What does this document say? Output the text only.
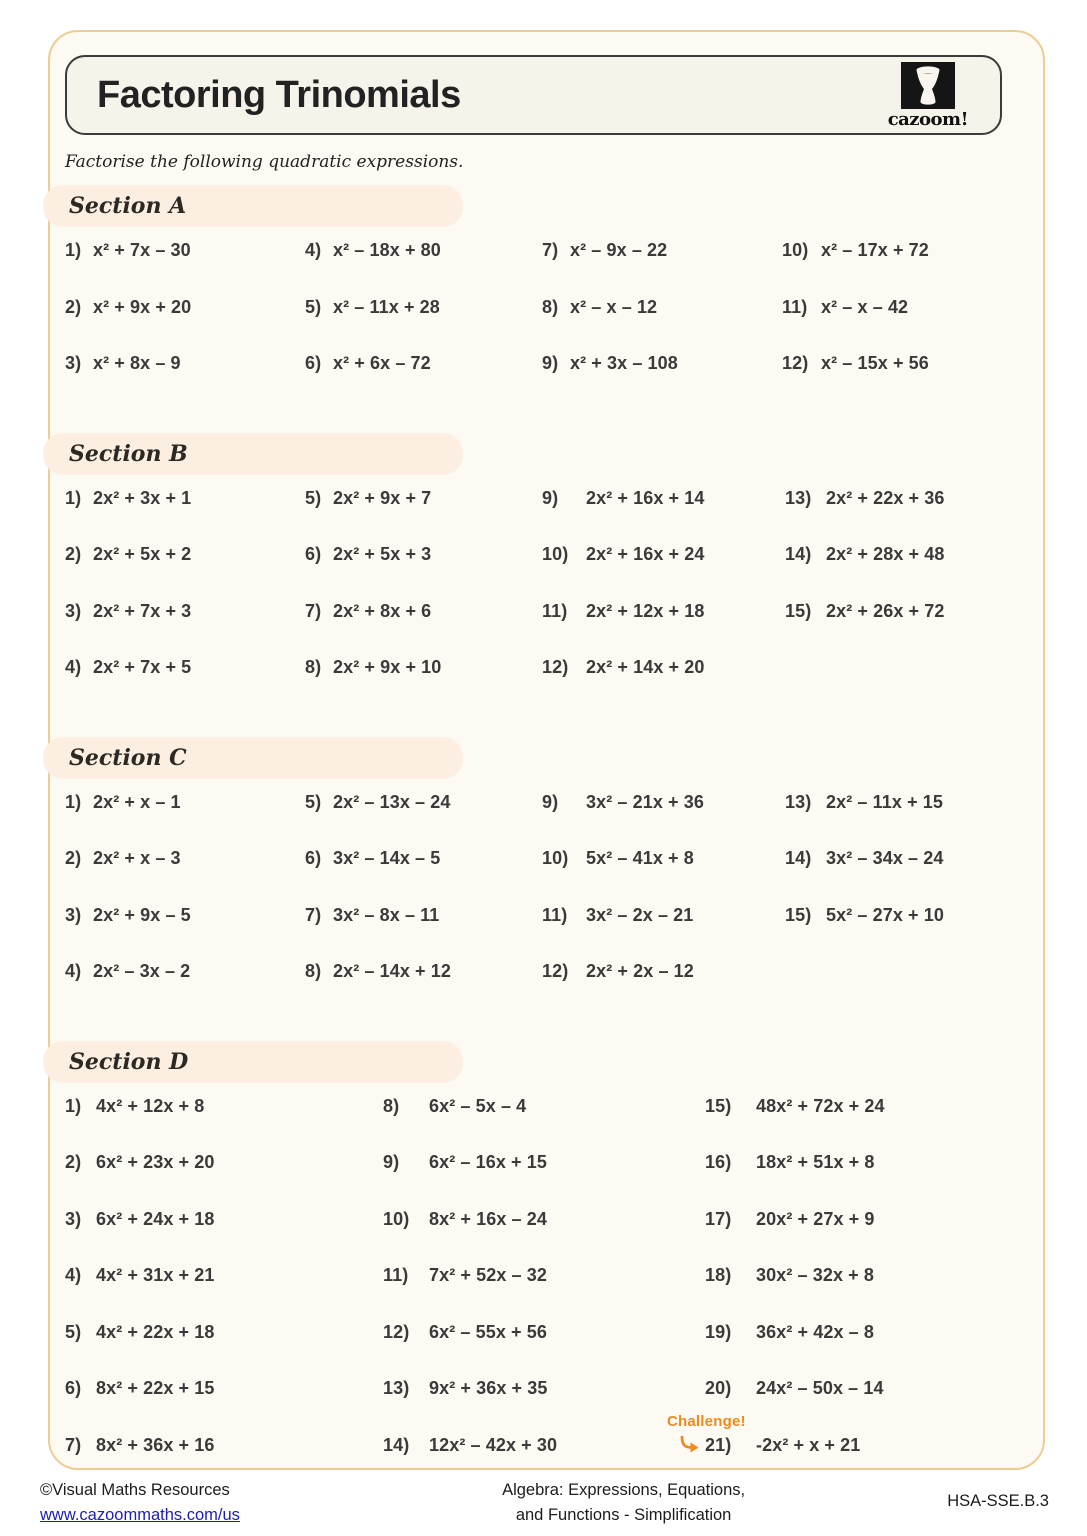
Factoring Trinomials
cazoom!

Factorise the following quadratic expressions.

Section A
1) x² + 7x – 30
2) x² + 9x + 20
3) x² + 8x – 9
4) x² – 18x + 80
5) x² – 11x + 28
6) x² + 6x – 72
7) x² – 9x – 22
8) x² – x – 12
9) x² + 3x – 108
10) x² – 17x + 72
11) x² – x – 42
12) x² – 15x + 56
Section B
1) 2x² + 3x + 1
2) 2x² + 5x + 2
3) 2x² + 7x + 3
4) 2x² + 7x + 5
5) 2x² + 9x + 7
6) 2x² + 5x + 3
7) 2x² + 8x + 6
8) 2x² + 9x + 10
9)	2x² + 16x + 14
10) 2x² + 16x + 24
11)	2x² + 12x + 18
12) 2x² + 14x + 20
13) 2x² + 22x + 36
14) 2x² + 28x + 48
15) 2x² + 26x + 72
Section C
1) 2x² + x – 1
2) 2x² + x – 3
3) 2x² + 9x – 5
4) 2x² – 3x – 2
5) 2x² – 13x – 24
6) 3x² – 14x – 5
7) 3x² – 8x – 11
8) 2x² – 14x + 12
9)	3x² – 21x + 36
10) 5x² – 41x + 8
11)	3x² – 2x – 21
12) 2x² + 2x – 12
13) 2x² – 11x + 15
14) 3x² – 34x – 24
15) 5x² – 27x + 10
Section D
1) 4x² + 12x + 8
2) 6x² + 23x + 20
3) 6x² + 24x + 18
4) 4x² + 31x + 21
5) 4x² + 22x + 18
6) 8x² + 22x + 15
7) 8x² + 36x + 16
8)	6x² – 5x – 4
9)	6x² – 16x + 15
10)	8x² + 16x – 24
11)	7x² + 52x – 32
12)	6x² – 55x + 56
13)	9x² + 36x + 35
14)	12x² – 42x + 30
15)	48x² + 72x + 24
16)	18x² + 51x + 8
17)	20x² + 27x + 9
18)	30x² – 32x + 8
19)	36x² + 42x – 8
20)	24x² – 50x – 14
Challenge!
21)	-2x² + x + 21
©Visual Maths Resources
www.cazoommaths.com/us
Algebra: Expressions, Equations,
and Functions - Simplification
HSA-SSE.B.3
